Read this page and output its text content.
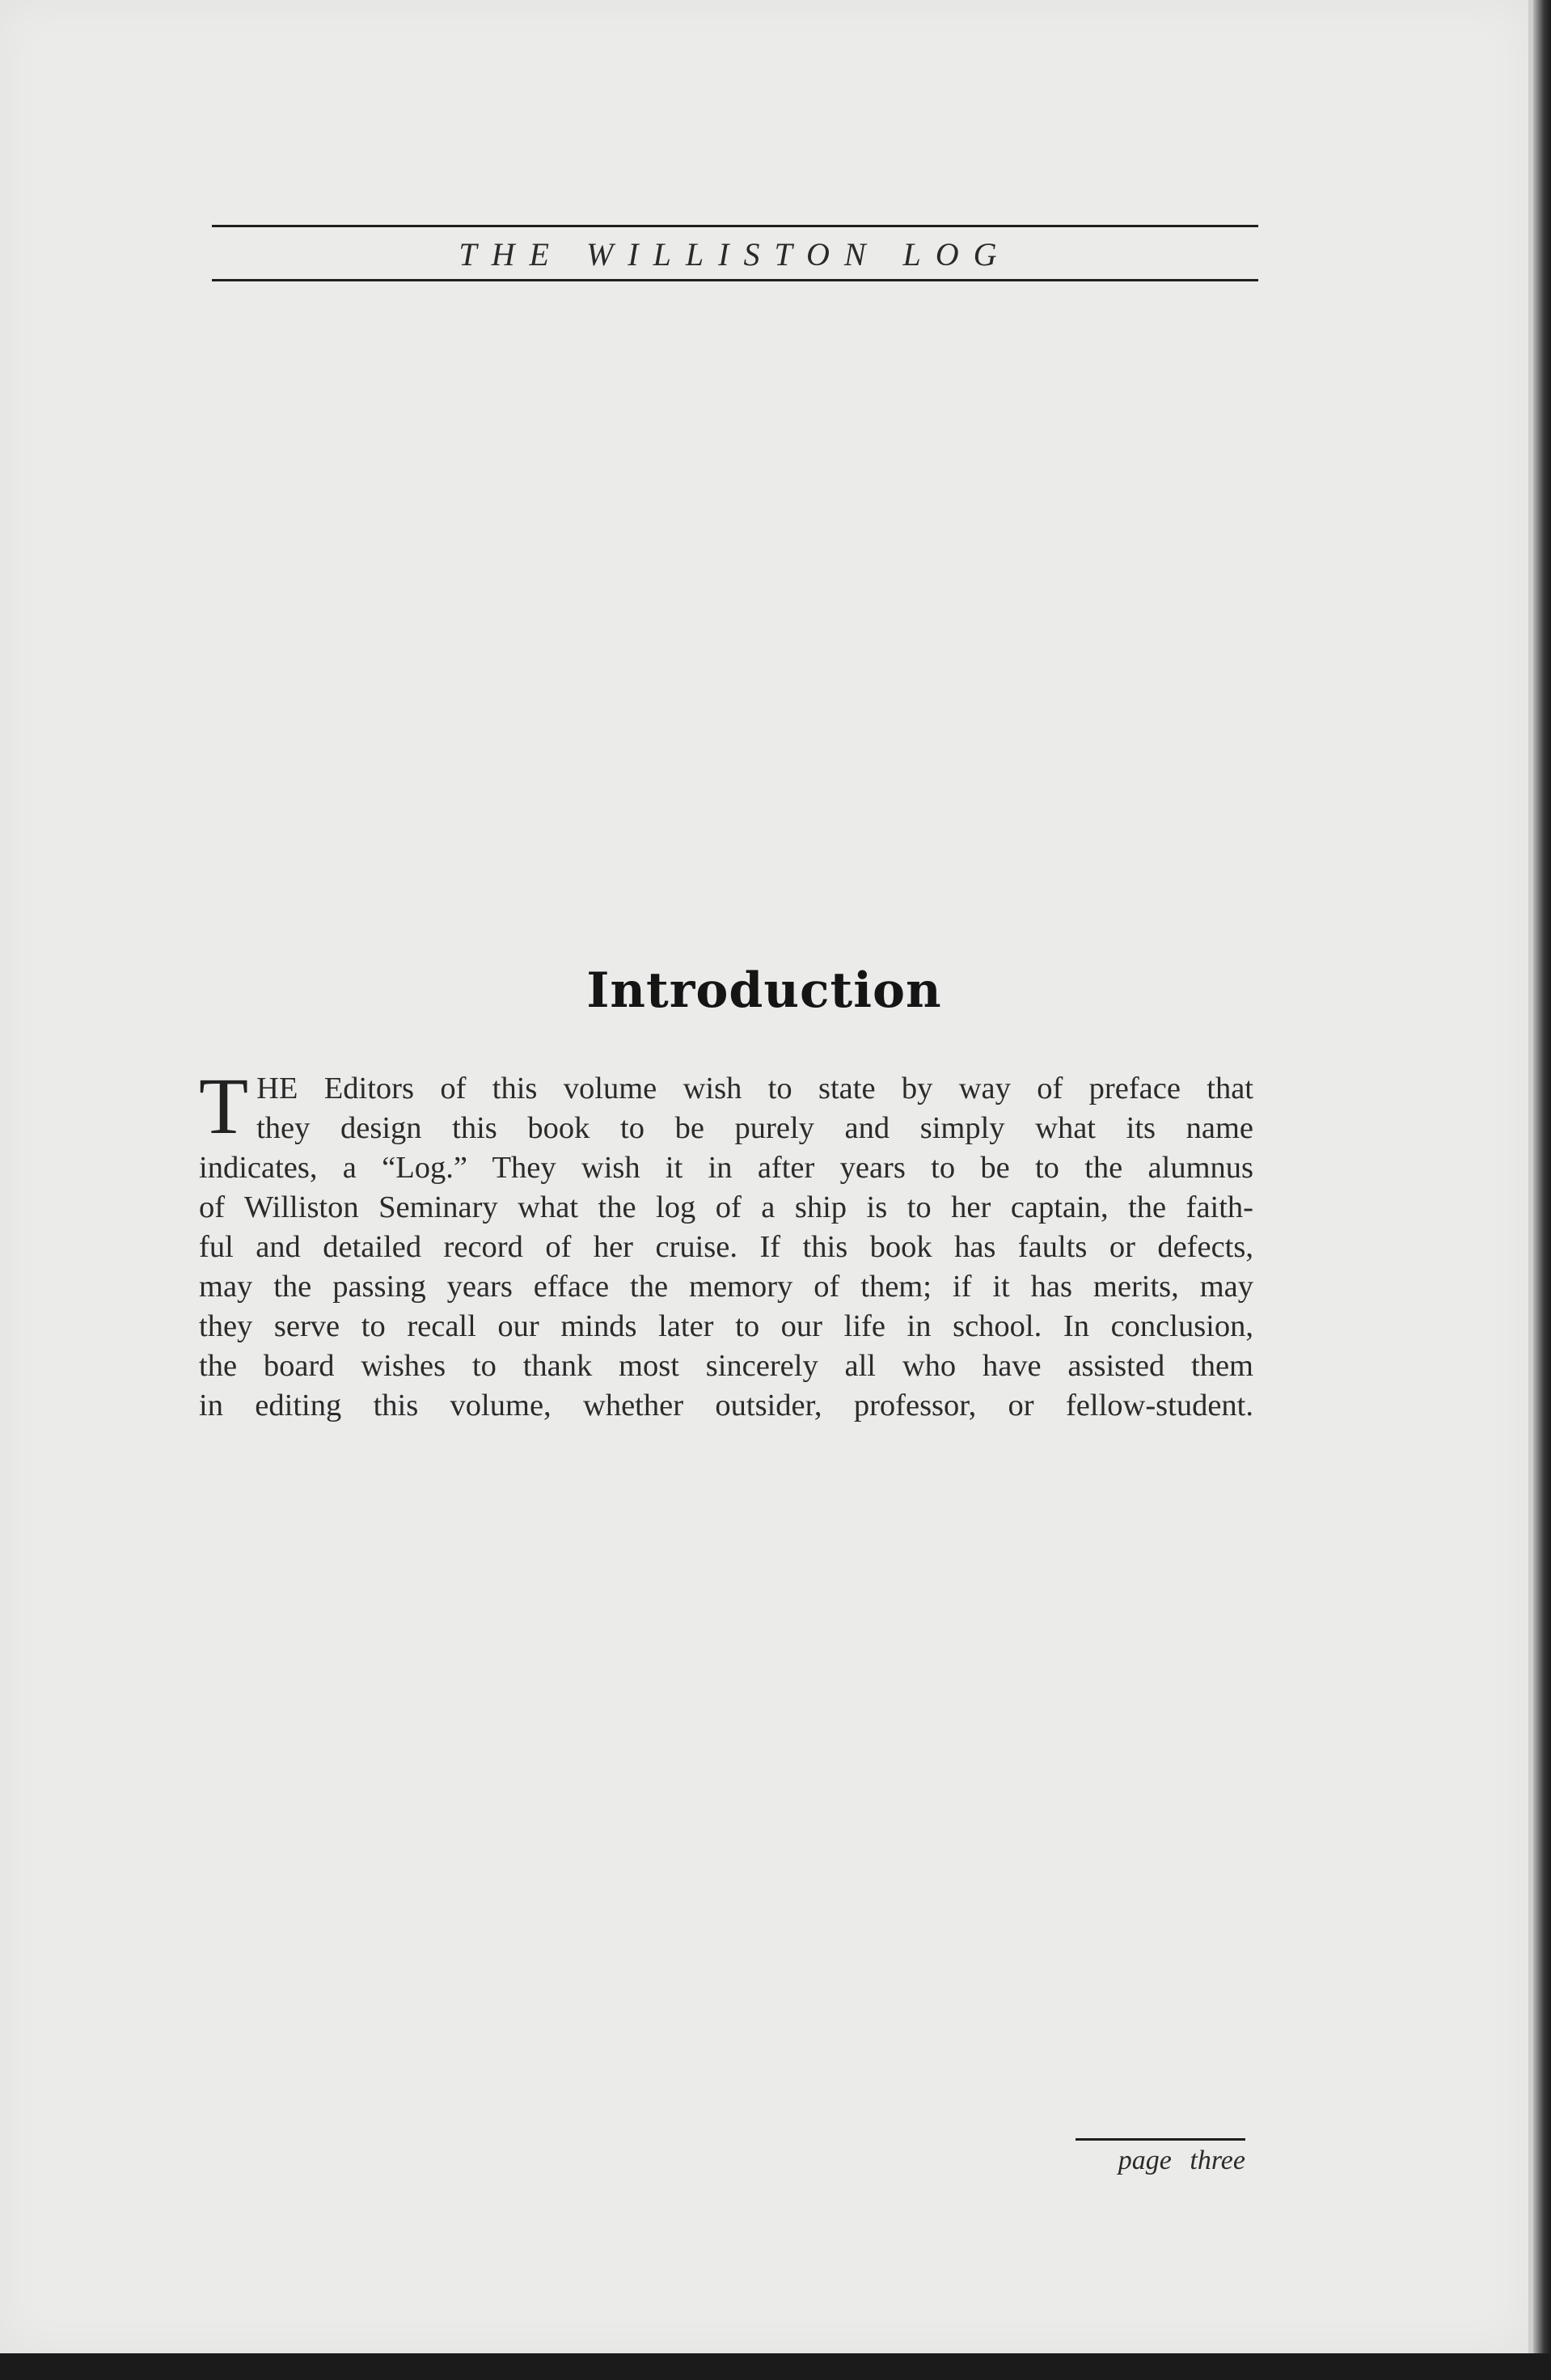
THE WILLISTON LOG
Introduction
T HE Editors of this volume wish to state by way of preface that
they design this book to be purely and simply what its name
indicates, a “Log.” They wish it in after years to be to the alumnus
of Williston Seminary what the log of a ship is to her captain, the faith-
ful and detailed record of her cruise. If this book has faults or defects,
may the passing years efface the memory of them; if it has merits, may
they serve to recall our minds later to our life in school. In conclusion,
the board wishes to thank most sincerely all who have assisted them
in editing this volume, whether outsider, professor, or fellow-student.
page three
